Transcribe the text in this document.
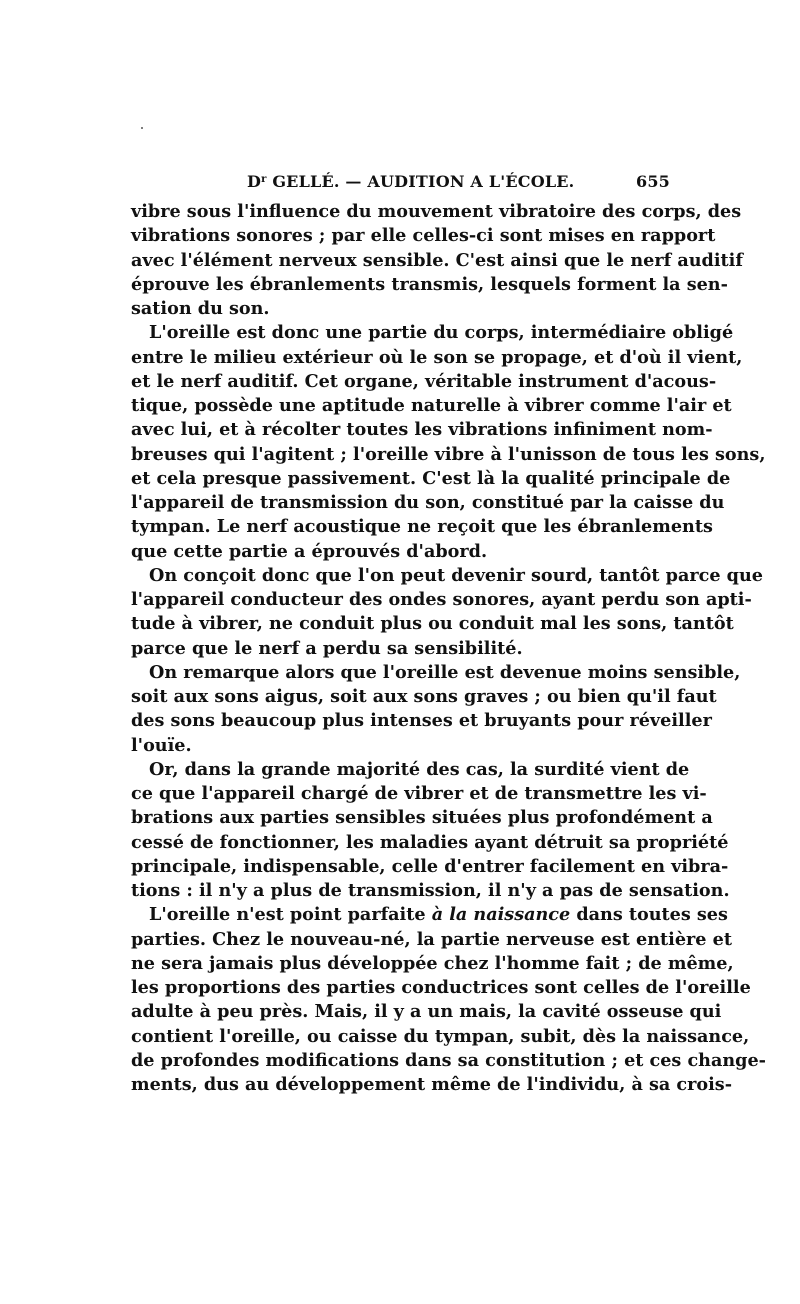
$D^r$ GELLÉ. — AUDITION A L'ÉCOLE.	655
vibre sous l'influence du mouvement vibratoire des corps, des
vibrations sonores ; par elle celles-ci sont mises en rapport
avec l'élément nerveux sensible. C'est ainsi que le nerf auditif
éprouve les ébranlements transmis, lesquels forment la sen-
sation du son.
L'oreille est donc une partie du corps, intermédiaire obligé
entre le milieu extérieur où le son se propage, et d'où il vient,
et le nerf auditif. Cet organe, véritable instrument d'acous-
tique, possède une aptitude naturelle à vibrer comme l'air et
avec lui, et à récolter toutes les vibrations infiniment nom-
breuses qui l'agitent ; l'oreille vibre à l'unisson de tous les sons,
et cela presque passivement. C'est là la qualité principale de
l'appareil de transmission du son, constitué par la caisse du
tympan. Le nerf acoustique ne reçoit que les ébranlements
que cette partie a éprouvés d'abord.
On conçoit donc que l'on peut devenir sourd, tantôt parce que
l'appareil conducteur des ondes sonores, ayant perdu son apti-
tude à vibrer, ne conduit plus ou conduit mal les sons, tantôt
parce que le nerf a perdu sa sensibilité.
On remarque alors que l'oreille est devenue moins sensible,
soit aux sons aigus, soit aux sons graves ; ou bien qu'il faut
des sons beaucoup plus intenses et bruyants pour réveiller
l'ouïe.
Or, dans la grande majorité des cas, la surdité vient de
ce que l'appareil chargé de vibrer et de transmettre les vi-
brations aux parties sensibles situées plus profondément a
cessé de fonctionner, les maladies ayant détruit sa propriété
principale, indispensable, celle d'entrer facilement en vibra-
tions : il n'y a plus de transmission, il n'y a pas de sensation.
L'oreille n'est point parfaite à la naissance dans toutes ses
parties. Chez le nouveau-né, la partie nerveuse est entière et
ne sera jamais plus développée chez l'homme fait ; de même,
les proportions des parties conductrices sont celles de l'oreille
adulte à peu près. Mais, il y a un mais, la cavité osseuse qui
contient l'oreille, ou caisse du tympan, subit, dès la naissance,
de profondes modifications dans sa constitution ; et ces change-
ments, dus au développement même de l'individu, à sa crois-
